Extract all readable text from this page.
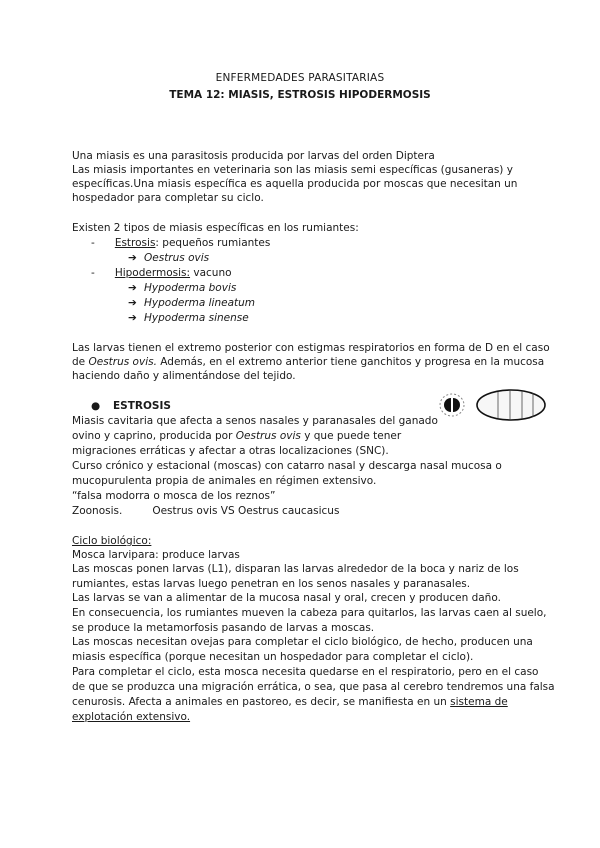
ENFERMEDADES PARASITARIAS
TEMA 12: MIASIS, ESTROSIS HIPODERMOSIS
Una miasis es una parasitosis producida por larvas del orden Diptera
Las miasis importantes en veterinaria son las miasis semi específicas (gusaneras) y
específicas.Una miasis específica es aquella producida por moscas que necesitan un
hospedador para completar su ciclo.
Existen 2 tipos de miasis específicas en los rumiantes:
-      Estrosis: pequeños rumiantes
➔ Oestrus ovis
-      Hipodermosis: vacuno
➔ Hypoderma bovis
➔ Hypoderma lineatum
➔ Hypoderma sinense
Las larvas tienen el extremo posterior con estigmas respiratorios en forma de D en el caso
de Oestrus ovis. Además, en el extremo anterior tiene ganchitos y progresa en la mucosa
haciendo daño y alimentándose del tejido.
● ESTROSIS
Miasis cavitaria que afecta a senos nasales y paranasales del ganado
ovino y caprino, producida por Oestrus ovis y que puede tener
migraciones erráticas y afectar a otras localizaciones (SNC).
Curso crónico y estacional (moscas) con catarro nasal y descarga nasal mucosa o
mucopurulenta propia de animales en régimen extensivo.
“falsa modorra o mosca de los reznos”
Zoonosis.	Oestrus ovis VS Oestrus caucasicus
Ciclo biológico:
Mosca larvipara: produce larvas
Las moscas ponen larvas (L1), disparan las larvas alrededor de la boca y nariz de los
rumiantes, estas larvas luego penetran en los senos nasales y paranasales.
Las larvas se van a alimentar de la mucosa nasal y oral, crecen y producen daño.
En consecuencia, los rumiantes mueven la cabeza para quitarlos, las larvas caen al suelo,
se produce la metamorfosis pasando de larvas a moscas.
Las moscas necesitan ovejas para completar el ciclo biológico, de hecho, producen una
miasis específica (porque necesitan un hospedador para completar el ciclo).
Para completar el ciclo, esta mosca necesita quedarse en el respiratorio, pero en el caso
de que se produzca una migración errática, o sea, que pasa al cerebro tendremos una falsa
cenurosis. Afecta a animales en pastoreo, es decir, se manifiesta en un sistema de
explotación extensivo.
